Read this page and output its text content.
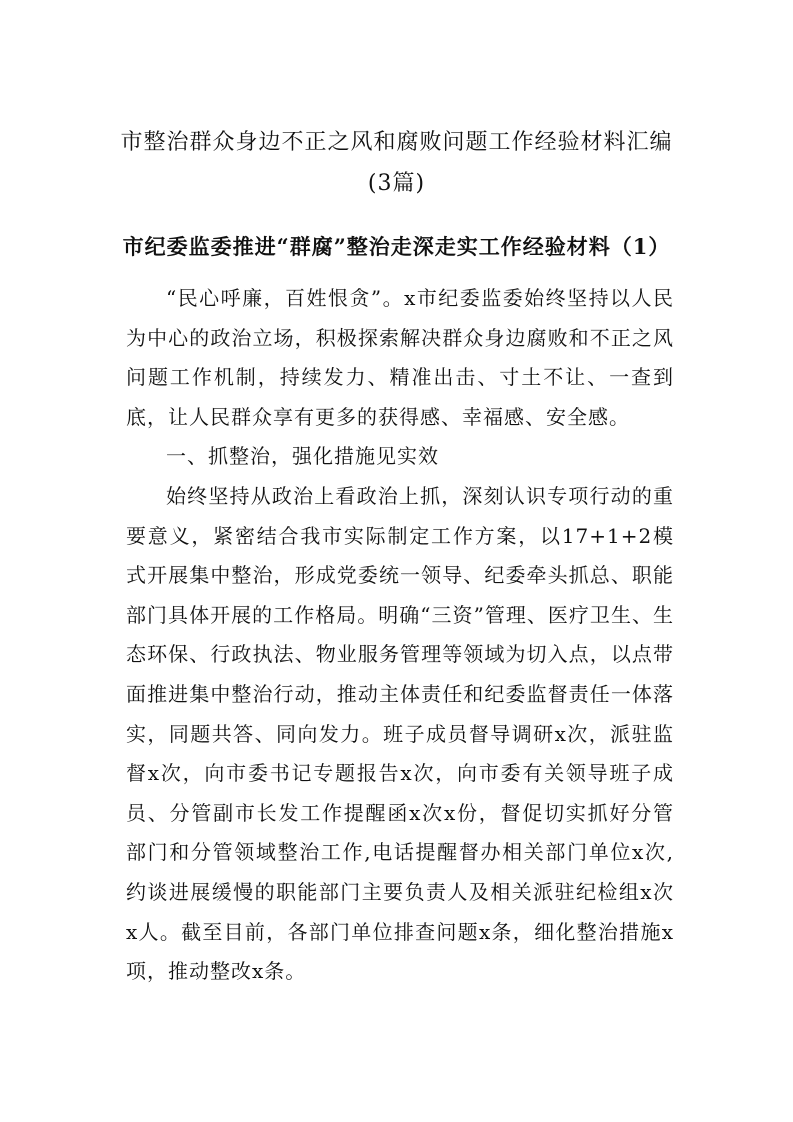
市整治群众身边不正之风和腐败问题工作经验材料汇编(3篇)
市纪委监委推进“群腐”整治走深走实工作经验材料（1）

“民心呼廉，百姓恨贪”。x市纪委监委始终坚持以人民为中心的政治立场，积极探索解决群众身边腐败和不正之风问题工作机制，持续发力、精准出击、寸土不让、一查到底，让人民群众享有更多的获得感、幸福感、安全感。

一、抓整治，强化措施见实效

始终坚持从政治上看政治上抓，深刻认识专项行动的重要意义，紧密结合我市实际制定工作方案，以17+1+2模式开展集中整治，形成党委统一领导、纪委牵头抓总、职能部门具体开展的工作格局。明确“三资”管理、医疗卫生、生态环保、行政执法、物业服务管理等领域为切入点，以点带面推进集中整治行动，推动主体责任和纪委监督责任一体落实，同题共答、同向发力。班子成员督导调研x次，派驻监督x次，向市委书记专题报告x次，向市委有关领导班子成员、分管副市长发工作提醒函x次x份，督促切实抓好分管部门和分管领域整治工作,电话提醒督办相关部门单位x次,约谈进展缓慢的职能部门主要负责人及相关派驻纪检组x次x人。截至目前，各部门单位排查问题x条，细化整治措施x项，推动整改x条。
